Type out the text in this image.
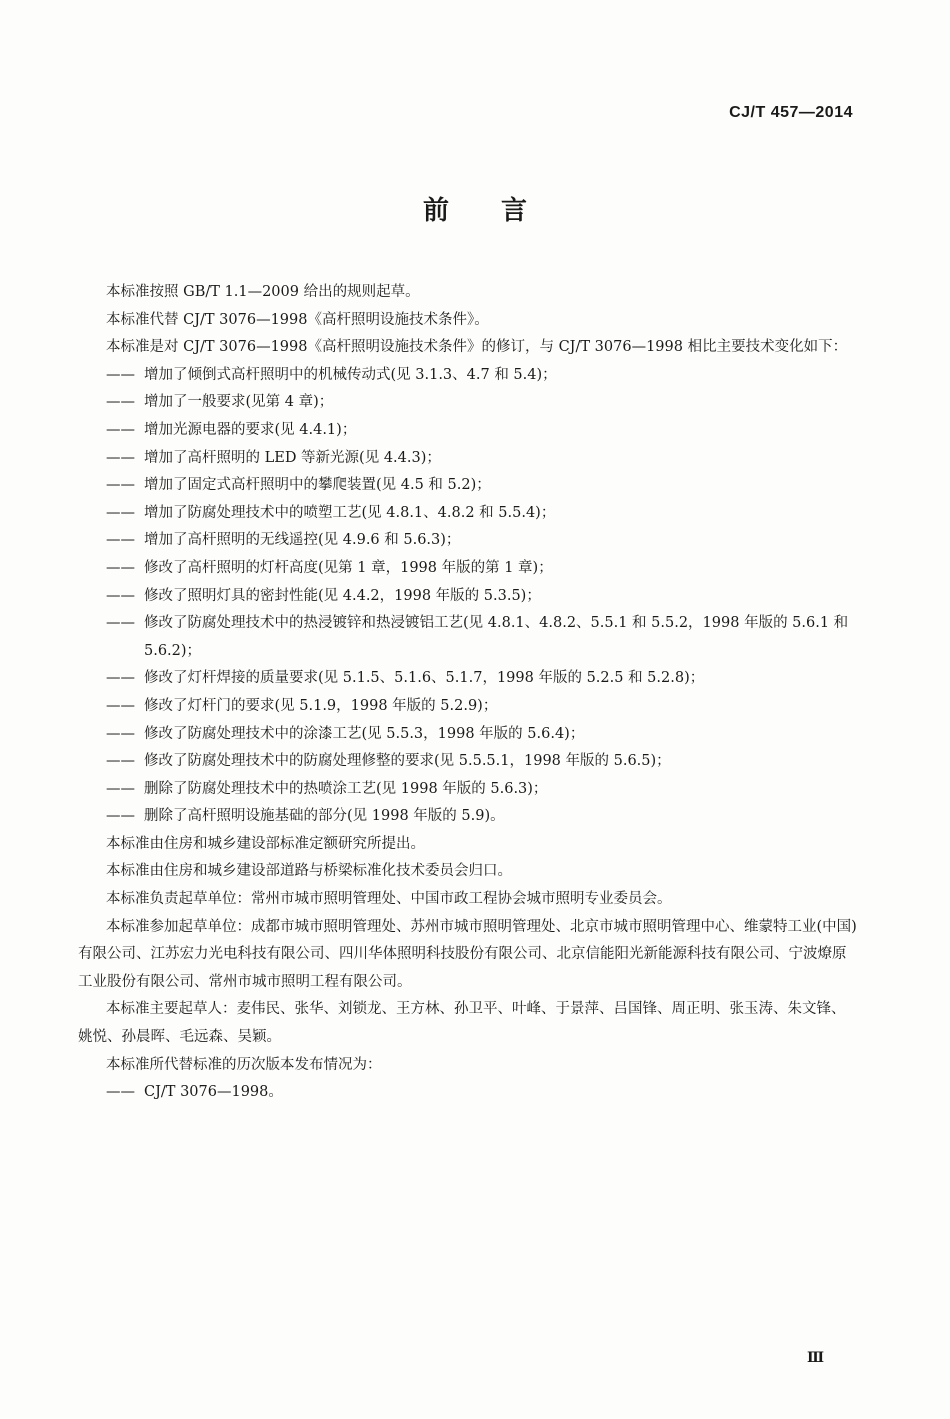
CJ/T 457—2014
前言

本标准按照 GB/T 1.1—2009 给出的规则起草。

本标准代替 CJ/T 3076—1998《高杆照明设施技术条件》。

本标准是对 CJ/T 3076—1998《高杆照明设施技术条件》的修订，与 CJ/T 3076—1998 相比主要技术变化如下：

—— 增加了倾倒式高杆照明中的机械传动式(见 3.1.3、4.7 和 5.4)；

—— 增加了一般要求(见第 4 章)；

—— 增加光源电器的要求(见 4.4.1)；

—— 增加了高杆照明的 LED 等新光源(见 4.4.3)；

—— 增加了固定式高杆照明中的攀爬装置(见 4.5 和 5.2)；

—— 增加了防腐处理技术中的喷塑工艺(见 4.8.1、4.8.2 和 5.5.4)；

—— 增加了高杆照明的无线遥控(见 4.9.6 和 5.6.3)；

—— 修改了高杆照明的灯杆高度(见第 1 章，1998 年版的第 1 章)；

—— 修改了照明灯具的密封性能(见 4.4.2，1998 年版的 5.3.5)；

—— 修改了防腐处理技术中的热浸镀锌和热浸镀铝工艺(见 4.8.1、4.8.2、5.5.1 和 5.5.2，1998 年版的 5.6.1 和 5.6.2)；

—— 修改了灯杆焊接的质量要求(见 5.1.5、5.1.6、5.1.7，1998 年版的 5.2.5 和 5.2.8)；

—— 修改了灯杆门的要求(见 5.1.9，1998 年版的 5.2.9)；

—— 修改了防腐处理技术中的涂漆工艺(见 5.5.3，1998 年版的 5.6.4)；

—— 修改了防腐处理技术中的防腐处理修整的要求(见 5.5.5.1，1998 年版的 5.6.5)；

—— 删除了防腐处理技术中的热喷涂工艺(见 1998 年版的 5.6.3)；

—— 删除了高杆照明设施基础的部分(见 1998 年版的 5.9)。

本标准由住房和城乡建设部标准定额研究所提出。

本标准由住房和城乡建设部道路与桥梁标准化技术委员会归口。

本标准负责起草单位：常州市城市照明管理处、中国市政工程协会城市照明专业委员会。

本标准参加起草单位：成都市城市照明管理处、苏州市城市照明管理处、北京市城市照明管理中心、维蒙特工业(中国)有限公司、江苏宏力光电科技有限公司、四川华体照明科技股份有限公司、北京信能阳光新能源科技有限公司、宁波燎原工业股份有限公司、常州市城市照明工程有限公司。

本标准主要起草人：麦伟民、张华、刘锁龙、王方林、孙卫平、叶峰、于景萍、吕国锋、周正明、张玉涛、朱文锋、姚悦、孙晨晖、毛远森、吴颖。

本标准所代替标准的历次版本发布情况为：

—— CJ/T 3076—1998。

Ⅲ
